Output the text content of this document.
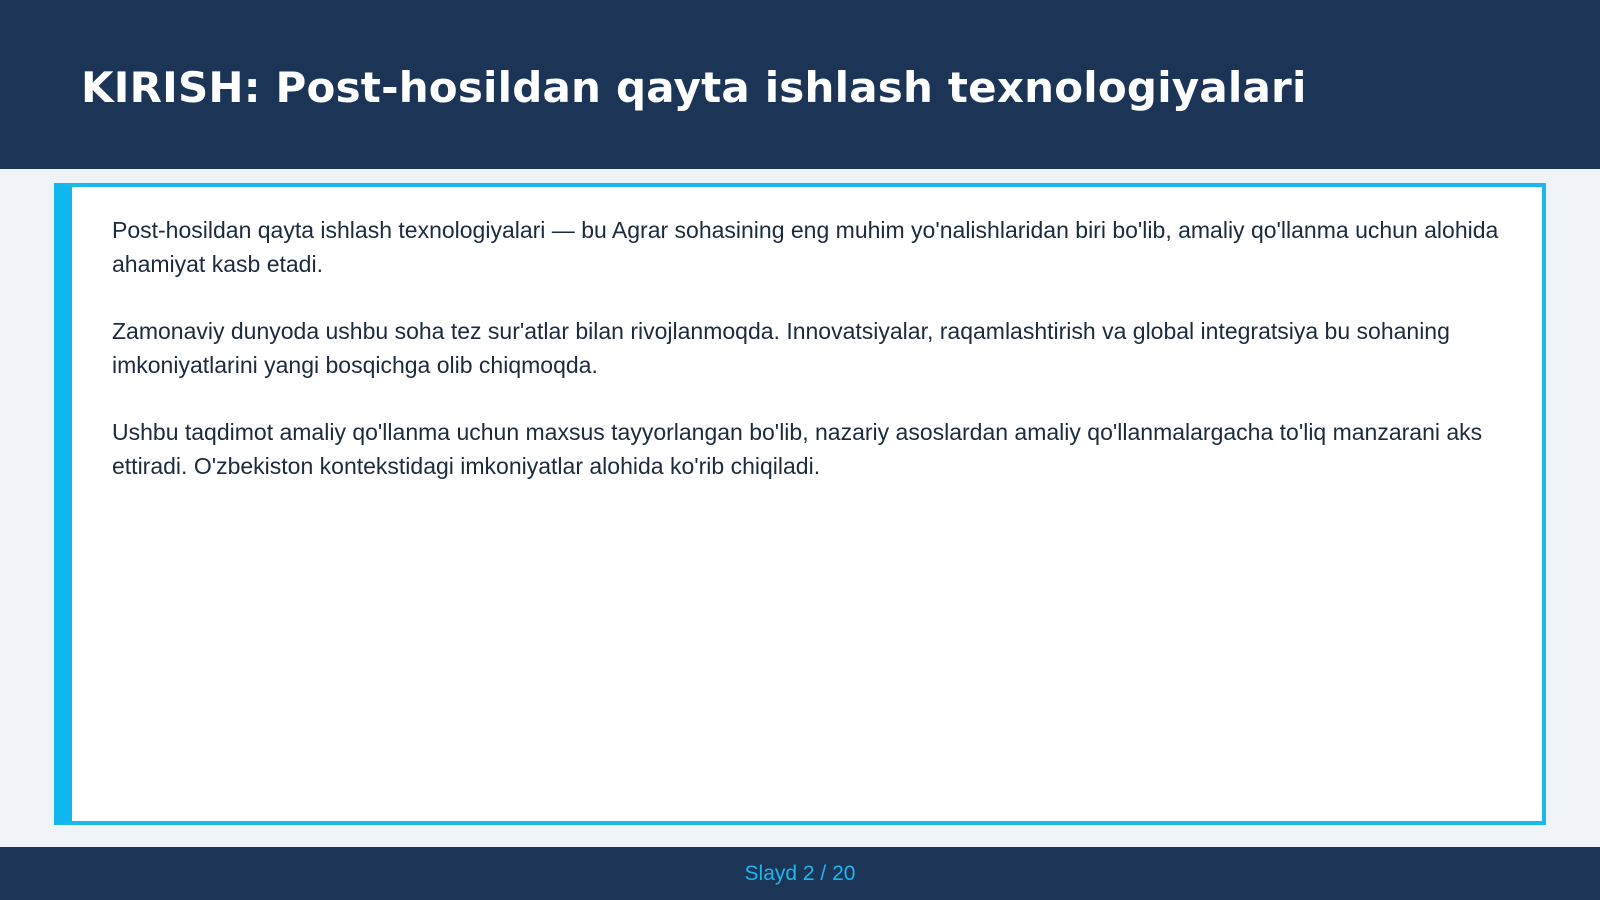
KIRISH: Post-hosildan qayta ishlash texnologiyalari

Post-hosildan qayta ishlash texnologiyalari — bu Agrar sohasining eng muhim yo'nalishlaridan biri bo'lib, amaliy qo'llanma uchun alohida ahamiyat kasb etadi.

Zamonaviy dunyoda ushbu soha tez sur'atlar bilan rivojlanmoqda. Innovatsiyalar, raqamlashtirish va global integratsiya bu sohaning imkoniyatlarini yangi bosqichga olib chiqmoqda.

Ushbu taqdimot amaliy qo'llanma uchun maxsus tayyorlangan bo'lib, nazariy asoslardan amaliy qo'llanmalargacha to'liq manzarani aks ettiradi. O'zbekiston kontekstidagi imkoniyatlar alohida ko'rib chiqiladi.

Slayd 2 / 20
